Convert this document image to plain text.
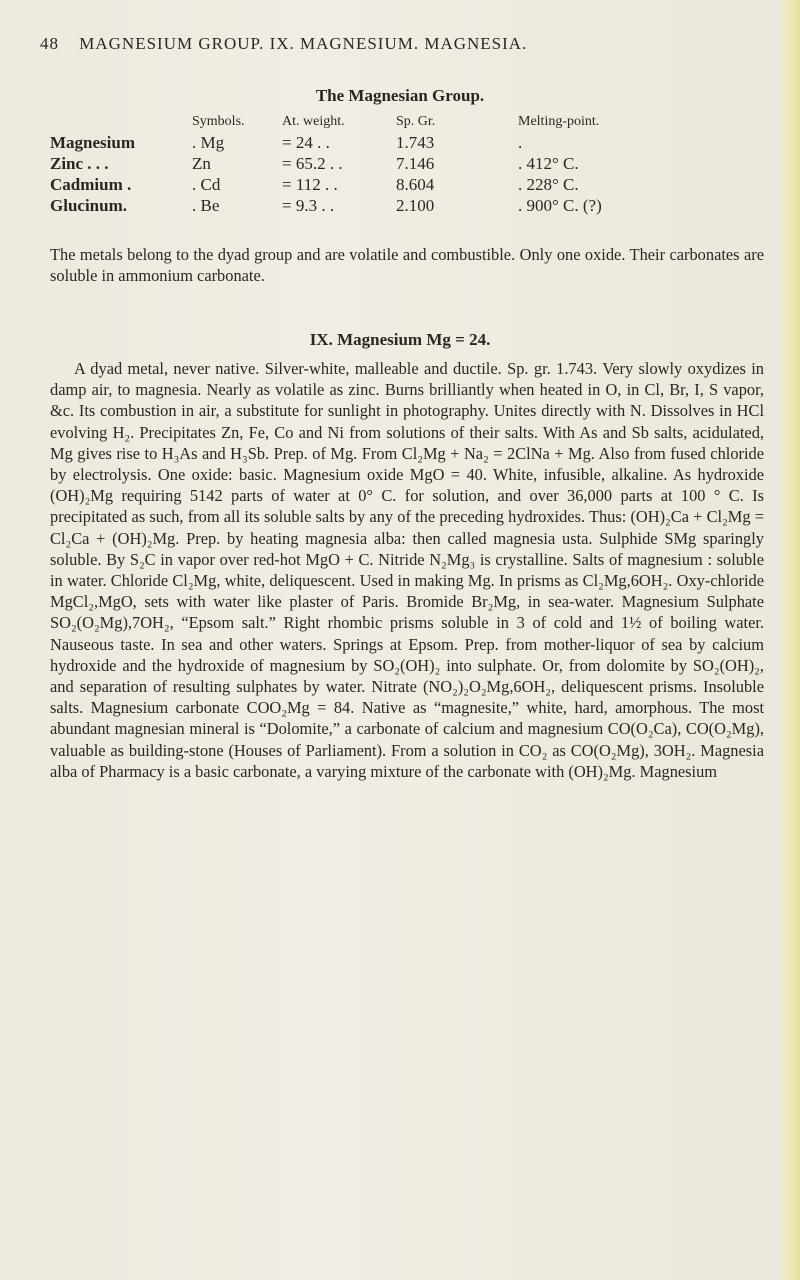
48 MAGNESIUM GROUP. IX. MAGNESIUM. MAGNESIA.
The Magnesian Group.
	Symbols.	At. weight.	Sp. Gr.	Melting-point.
Magnesium	. Mg	= 24 . .	1.743	.
Zinc . . .	Zn	= 65.2 . .	7.146	. 412° C.
Cadmium .	. Cd	= 112 . .	8.604	. 228° C.
Glucinum.	. Be	= 9.3 . .	2.100	. 900° C. (?)

The metals belong to the dyad group and are volatile and combustible. Only one oxide. Their carbonates are soluble in ammonium carbonate.

IX. Magnesium Mg = 24.

A dyad metal, never native. Silver-white, malleable and ductile. Sp. gr. 1.743. Very slowly oxydizes in damp air, to magnesia. Nearly as volatile as zinc. Burns brilliantly when heated in O, in Cl, Br, I, S vapor, &c. Its combustion in air, a substitute for sunlight in photography. Unites directly with N. Dissolves in HCl evolving H₂. Precipitates Zn, Fe, Co and Ni from solutions of their salts. With As and Sb salts, acidulated, Mg gives rise to H₃As and H₃Sb. Prep. of Mg. From Cl₂Mg + Na₂ = 2ClNa + Mg. Also from fused chloride by electrolysis. One oxide: basic. Magnesium oxide MgO = 40. White, infusible, alkaline. As hydroxide (OH)₂Mg requiring 5142 parts of water at 0° C. for solution, and over 36,000 parts at 100 ° C. Is precipitated as such, from all its soluble salts by any of the preceding hydroxides. Thus: (OH)₂Ca + Cl₂Mg = Cl₂Ca + (OH)₂Mg. Prep. by heating magnesia alba: then called magnesia usta. Sulphide SMg sparingly soluble. By S₂C in vapor over red-hot MgO + C. Nitride N₂Mg₃ is crystalline. Salts of magnesium : soluble in water. Chloride Cl₂Mg, white, deliquescent. Used in making Mg. In prisms as Cl₂Mg,6OH₂. Oxy-chloride MgCl₂,MgO, sets with water like plaster of Paris. Bromide Br₂Mg, in sea-water. Magnesium Sulphate SO₂(O₂Mg),7OH₂, “Epsom salt.” Right rhombic prisms soluble in 3 of cold and 1½ of boiling water. Nauseous taste. In sea and other waters. Springs at Epsom. Prep. from mother-liquor of sea by calcium hydroxide and the hydroxide of magnesium by SO₂(OH)₂ into sulphate. Or, from dolomite by SO₂(OH)₂, and separation of resulting sulphates by water. Nitrate (NO₂)₂O₂Mg,6OH₂, deliquescent prisms. Insoluble salts. Magnesium carbonate COO₂Mg = 84. Native as “magnesite,” white, hard, amorphous. The most abundant magnesian mineral is “Dolomite,” a carbonate of calcium and magnesium CO(O₂Ca), CO(O₂Mg), valuable as building-stone (Houses of Parliament). From a solution in CO₂ as CO(O₂Mg), 3OH₂. Magnesia alba of Pharmacy is a basic carbonate, a varying mixture of the carbonate with (OH)₂Mg. Magnesium
